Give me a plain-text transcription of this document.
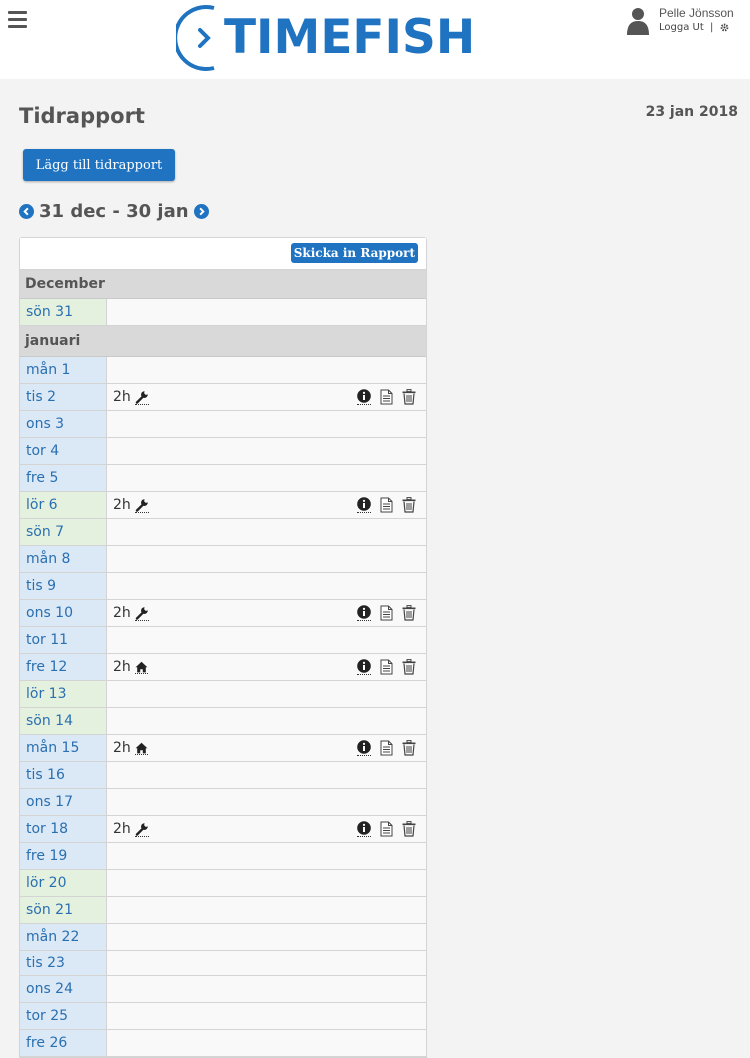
TIMEFISH	Pelle Jönsson
Logga Ut |
Tidrapport	23 jan 2018
Lägg till tidrapport
31 dec - 30 jan
Skicka in Rapport
December
sön 31
januari
mån 1
tis 2	2h
ons 3
tor 4
fre 5
lör 6	2h
sön 7
mån 8
tis 9
ons 10	2h
tor 11
fre 12	2h
lör 13
sön 14
mån 15	2h
tis 16
ons 17
tor 18	2h
fre 19
lör 20
sön 21
mån 22
tis 23
ons 24
tor 25
fre 26
